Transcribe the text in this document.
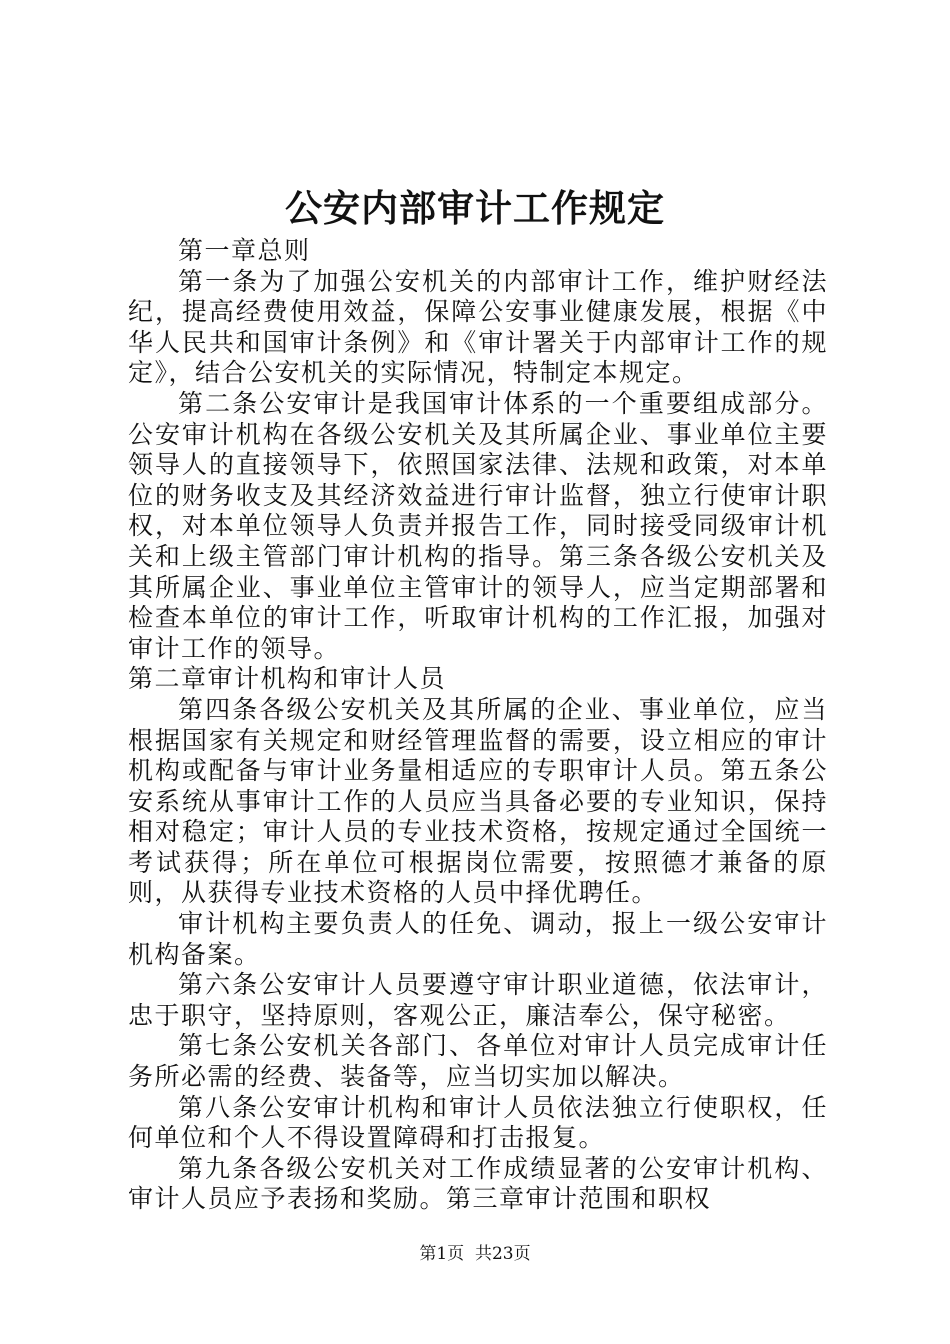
公安内部审计工作规定

第一章总则

第一条为了加强公安机关的内部审计工作，维护财经法纪，提高经费使用效益，保障公安事业健康发展，根据《中华人民共和国审计条例》和《审计署关于内部审计工作的规定》，结合公安机关的实际情况，特制定本规定。

第二条公安审计是我国审计体系的一个重要组成部分。公安审计机构在各级公安机关及其所属企业、事业单位主要领导人的直接领导下，依照国家法律、法规和政策，对本单位的财务收支及其经济效益进行审计监督，独立行使审计职权，对本单位领导人负责并报告工作，同时接受同级审计机关和上级主管部门审计机构的指导。第三条各级公安机关及其所属企业、事业单位主管审计的领导人，应当定期部署和检查本单位的审计工作，听取审计机构的工作汇报，加强对审计工作的领导。

第二章审计机构和审计人员

第四条各级公安机关及其所属的企业、事业单位，应当根据国家有关规定和财经管理监督的需要，设立相应的审计机构或配备与审计业务量相适应的专职审计人员。第五条公安系统从事审计工作的人员应当具备必要的专业知识，保持相对稳定；审计人员的专业技术资格，按规定通过全国统一考试获得；所在单位可根据岗位需要，按照德才兼备的原则，从获得专业技术资格的人员中择优聘任。

审计机构主要负责人的任免、调动，报上一级公安审计机构备案。

第六条公安审计人员要遵守审计职业道德，依法审计，忠于职守，坚持原则，客观公正，廉洁奉公，保守秘密。

第七条公安机关各部门、各单位对审计人员完成审计任务所必需的经费、装备等，应当切实加以解决。

第八条公安审计机构和审计人员依法独立行使职权，任何单位和个人不得设置障碍和打击报复。

第九条各级公安机关对工作成绩显著的公安审计机构、审计人员应予表扬和奖励。第三章审计范围和职权

第1页  共23页
